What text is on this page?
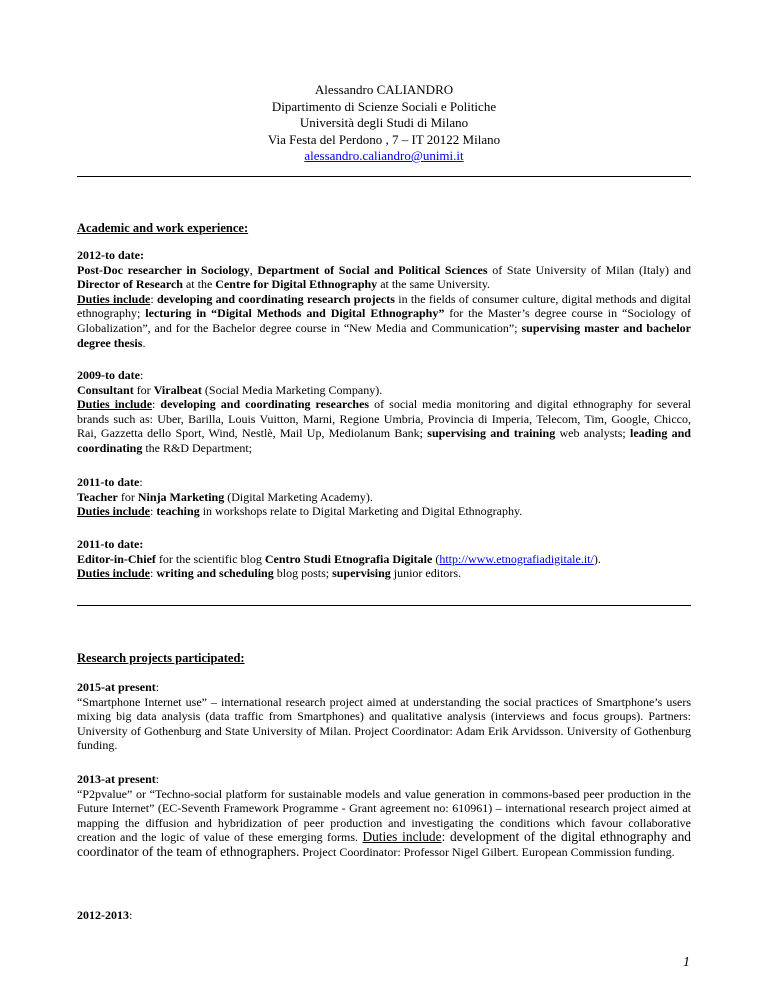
Alessandro CALIANDRO
Dipartimento di Scienze Sociali e Politiche
Università degli Studi di Milano
Via Festa del Perdono , 7 – IT 20122 Milano
alessandro.caliandro@unimi.it
Academic and work experience:

2012-to date:

Post-Doc researcher in Sociology, Department of Social and Political Sciences of State University of Milan (Italy) and Director of Research at the Centre for Digital Ethnography at the same University.

Duties include: developing and coordinating research projects in the fields of consumer culture, digital methods and digital ethnography; lecturing in “Digital Methods and Digital Ethnography” for the Master’s degree course in “Sociology of Globalization”, and for the Bachelor degree course in “New Media and Communication”; supervising master and bachelor degree thesis.

2009-to date:

Consultant for Viralbeat (Social Media Marketing Company).

Duties include: developing and coordinating researches of social media monitoring and digital ethnography for several brands such as: Uber, Barilla, Louis Vuitton, Marni, Regione Umbria, Provincia di Imperia, Telecom, Tim, Google, Chicco, Rai, Gazzetta dello Sport, Wind, Nestlè, Mail Up, Mediolanum Bank; supervising and training web analysts; leading and coordinating the R&D Department;

2011-to date:

Teacher for Ninja Marketing (Digital Marketing Academy).

Duties include: teaching in workshops relate to Digital Marketing and Digital Ethnography.

2011-to date:

Editor-in-Chief for the scientific blog Centro Studi Etnografia Digitale (http://www.etnografiadigitale.it/).

Duties include: writing and scheduling blog posts; supervising junior editors.

Research projects participated:

2015-at present:

“Smartphone Internet use” – international research project aimed at understanding the social practices of Smartphone’s users mixing big data analysis (data traffic from Smartphones) and qualitative analysis (interviews and focus groups). Partners: University of Gothenburg and State University of Milan. Project Coordinator: Adam Erik Arvidsson. University of Gothenburg funding.

2013-at present:

“P2pvalue” or “Techno-social platform for sustainable models and value generation in commons-based peer production in the Future Internet” (EC-Seventh Framework Programme - Grant agreement no: 610961) – international research project aimed at mapping the diffusion and hybridization of peer production and investigating the conditions which favour collaborative creation and the logic of value of these emerging forms. Duties include: development of the digital ethnography and coordinator of the team of ethnographers. Project Coordinator: Professor Nigel Gilbert. European Commission funding.

2012-2013:

1
